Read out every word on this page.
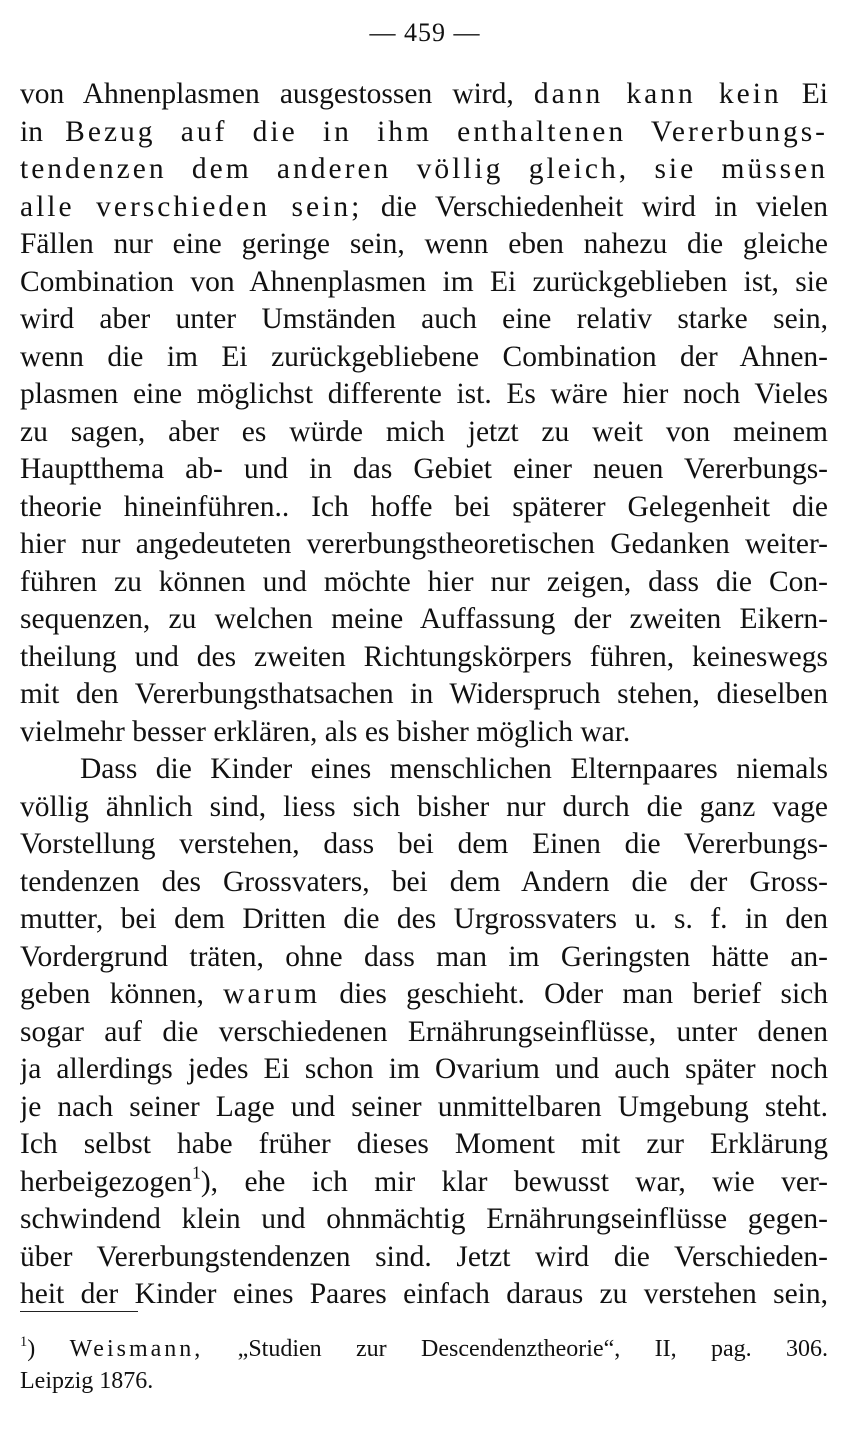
— 459 —
von Ahnenplasmen ausgestossen wird, dann kann kein Ei
in Bezug auf die in ihm enthaltenen Vererbungs-
tendenzen dem anderen völlig gleich, sie müssen
alle verschieden sein; die Verschiedenheit wird in vielen
Fällen nur eine geringe sein, wenn eben nahezu die gleiche
Combination von Ahnenplasmen im Ei zurückgeblieben ist, sie
wird aber unter Umständen auch eine relativ starke sein,
wenn die im Ei zurückgebliebene Combination der Ahnen-
plasmen eine möglichst differente ist. Es wäre hier noch Vieles
zu sagen, aber es würde mich jetzt zu weit von meinem
Hauptthema ab- und in das Gebiet einer neuen Vererbungs-
theorie hineinführen.. Ich hoffe bei späterer Gelegenheit die
hier nur angedeuteten vererbungstheoretischen Gedanken weiter-
führen zu können und möchte hier nur zeigen, dass die Con-
sequenzen, zu welchen meine Auffassung der zweiten Eikern-
theilung und des zweiten Richtungskörpers führen, keineswegs
mit den Vererbungsthatsachen in Widerspruch stehen, dieselben
vielmehr besser erklären, als es bisher möglich war.
Dass die Kinder eines menschlichen Elternpaares niemals
völlig ähnlich sind, liess sich bisher nur durch die ganz vage
Vorstellung verstehen, dass bei dem Einen die Vererbungs-
tendenzen des Grossvaters, bei dem Andern die der Gross-
mutter, bei dem Dritten die des Urgrossvaters u. s. f. in den
Vordergrund träten, ohne dass man im Geringsten hätte an-
geben können, warum dies geschieht. Oder man berief sich
sogar auf die verschiedenen Ernährungseinflüsse, unter denen
ja allerdings jedes Ei schon im Ovarium und auch später noch
je nach seiner Lage und seiner unmittelbaren Umgebung steht.
Ich selbst habe früher dieses Moment mit zur Erklärung
herbeigezogen$^1$), ehe ich mir klar bewusst war, wie ver-
schwindend klein und ohnmächtig Ernährungseinflüsse gegen-
über Vererbungstendenzen sind. Jetzt wird die Verschieden-
heit der Kinder eines Paares einfach daraus zu verstehen sein,
$^1$) Weismann, „Studien zur Descendenztheorie“, II, pag. 306.
Leipzig 1876.
